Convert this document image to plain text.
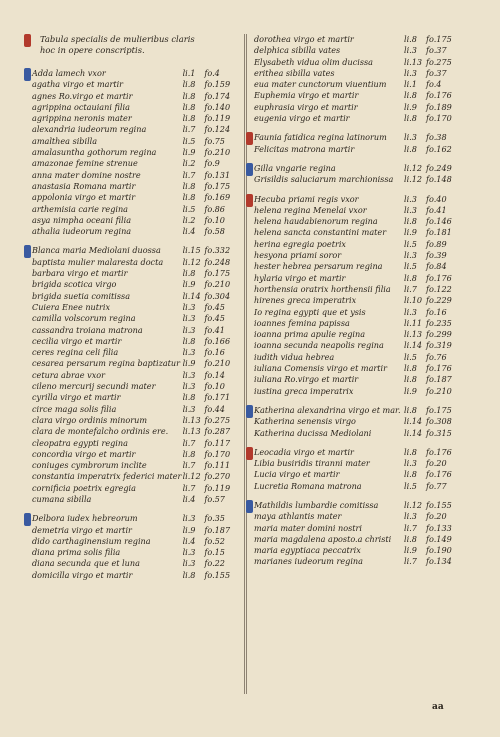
Tabula specialis de mulieribus claris
hoc in opere conscriptis.
Adda lamech vxor	li.1	fo.4
agatha virgo et martir	li.8	fo.159
agnes Ro.virgo et martir	li.8	fo.174
agrippina octauiani filia	li.8	fo.140
agrippina neronis mater	li.8	fo.119
alexandria iudeorum regina	li.7	fo.124
amalthea sibilla	li.5	fo.75
amalasuntha gothorum regina	li.9	fo.210
amazonae femine strenue	li.2	fo.9
anna mater domine nostre	li.7	fo.131
anastasia Romana martir	li.8	fo.175
appolonia virgo et martir	li.8	fo.169
arthemisia carie regina	li.5	fo.86
asya nimpha oceani filia	li.2	fo.10
athalia iudeorum regina	li.4	fo.58
Blanca maria Mediolani duossa	li.15 fo.332
baptista mulier malaresta docta	li.12 fo.248
barbara virgo et martir	li.8	fo.175
brigida scotica virgo	li.9	fo.210
brigida suetia comitissa	li.14 fo.304
Cuiera Enee nutrix	li.3	fo.45
camilla volscorum regina	li.3	fo.45
cassandra troiana matrona	li.3	fo.41
cecilia virgo et martir	li.8	fo.166
ceres regina celi filia	li.3	fo.16
cesarea persarum regina baptizatur li.9	fo.210
cetura abrae vxor	li.3	fo.14
cileno mercurij secundi mater	li.3	fo.10
cyrilla virgo et martir	li.8	fo.171
circe maga solis filia	li.3	fo.44
clara virgo ordinis minorum	li.13 fo.275
clara de montefalcho ordinis ere.	li.13 fo.287
cleopatra egypti regina	li.7	fo.117
concordia virgo et martir	li.8	fo.170
coniuges cymbrorum inclite	li.7	fo.111
constantia imperatrix federici mater li.12 fo.270
cornificia poetrix egregia	li.7	fo.119
cumana sibilla	li.4	fo.57
Delbora iudex hebreorum	li.3	fo.35
demetria virgo et martir	li.9	fo.187
dido carthaginensium regina	li.4	fo.52
diana prima solis filia	li.3	fo.15
diana secunda que et luna	li.3	fo.22
domicilla virgo et martir	li.8	fo.155
dorothea virgo et martir	li.8	fo.175
delphica sibilla vates	li.3	fo.37
Elysabeth vidua olim ducissa	li.13 fo.275
erithea sibilla vates	li.3	fo.37
eua mater cunctorum viuentium	li.1	fo.4
Euphemia virgo et martir	li.8	fo.176
euphrasia virgo et martir	li.9	fo.189
eugenia virgo et martir	li.8	fo.170
Faunia fatidica regina latinorum	li.3	fo.38
Felicitas matrona martir	li.8	fo.162
Gilla vngarie regina	li.12 fo.249
Grisildis saluciarum marchionissa	li.12 fo.148
Hecuba priami regis vxor	li.3	fo.40
helena regina Menelai vxor	li.3	fo.41
helena haudabienorum regina	li.8	fo.146
helena sancta constantini mater	li.9	fo.181
herina egregia poetrix	li.5	fo.89
hesyona priami soror	li.3	fo.39
hester hebrea persarum regina	li.5	fo.84
hylaria virgo et martir	li.8	fo.176
horthensia oratrix horthensii filia	li.7	fo.122
hirenes greca imperatrix	li.10 fo.229
Io regina egypti que et ysis	li.3	fo.16
ioannes femina papissa	li.11 fo.235
ioanna prima apulie regina	li.13 fo.299
ioanna secunda neapolis regina	li.14 fo.319
iudith vidua hebrea	li.5	fo.76
iuliana Comensis virgo et martir	li.8	fo.176
iuliana Ro.virgo et martir	li.8	fo.187
iustina greca imperatrix	li.9	fo.210
Katherina alexandrina virgo et mar. li.8	fo.175
Katherina senensis virgo	li.14 fo.308
Katherina ducissa Mediolani	li.14 fo.315
Leocadia virgo et martir	li.8	fo.176
Libia busiridis tiranni mater	li.3	fo.20
Lucia virgo et martir	li.8	fo.176
Lucretia Romana matrona	li.5	fo.77
Mathildis lumbardie comitissa	li.12 fo.155
maya athlantis mater	li.3	fo.20
maria mater domini nostri	li.7	fo.133
maria magdalena aposto.a christi	li.8	fo.149
maria egyptiaca peccatrix	li.9	fo.190
marianes iudeorum regina	li.7	fo.134
aa
